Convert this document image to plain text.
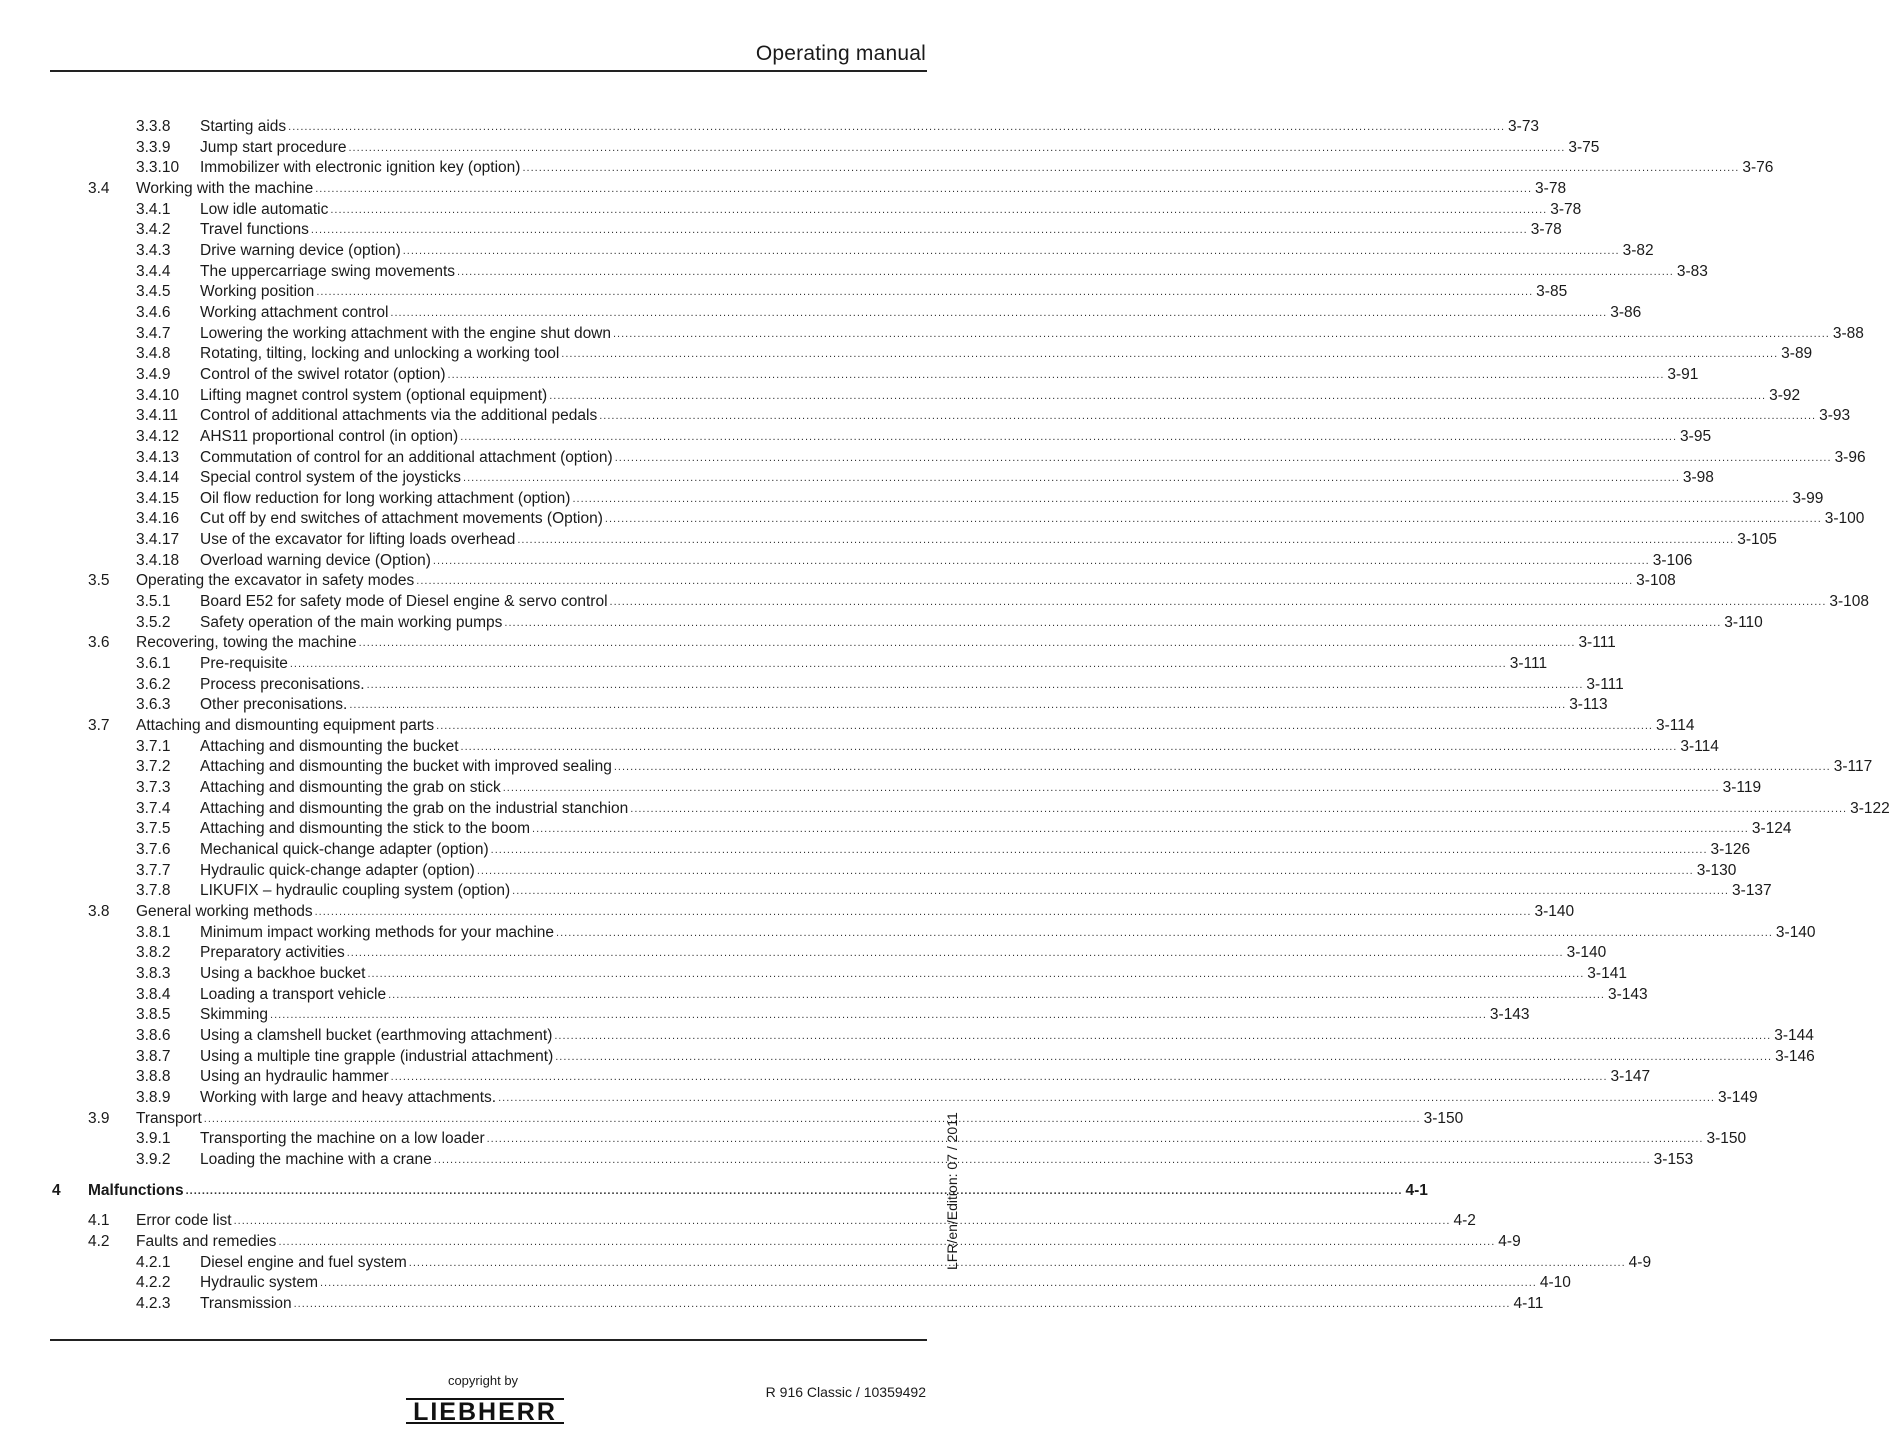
Operating manual
3.3.8 Starting aids ............................................................................................................................................................................................................................................................................................................ 3-73
3.3.9 Jump start procedure ............................................................................................................................................................................................................................................................................................................ 3-75
3.3.10 Immobilizer with electronic ignition key (option) ............................................................................................................................................................................................................................................................................................................ 3-76
3.4 Working with the machine ............................................................................................................................................................................................................................................................................................................ 3-78
3.4.1 Low idle automatic ............................................................................................................................................................................................................................................................................................................ 3-78
3.4.2 Travel functions ............................................................................................................................................................................................................................................................................................................ 3-78
3.4.3 Drive warning device (option) ............................................................................................................................................................................................................................................................................................................ 3-82
3.4.4 The uppercarriage swing movements ............................................................................................................................................................................................................................................................................................................ 3-83
3.4.5 Working position ............................................................................................................................................................................................................................................................................................................ 3-85
3.4.6 Working attachment control ............................................................................................................................................................................................................................................................................................................ 3-86
3.4.7 Lowering the working attachment with the engine shut down ............................................................................................................................................................................................................................................................................................................ 3-88
3.4.8 Rotating, tilting, locking and unlocking a working tool ............................................................................................................................................................................................................................................................................................................ 3-89
3.4.9 Control of the swivel rotator (option) ............................................................................................................................................................................................................................................................................................................ 3-91
3.4.10 Lifting magnet control system (optional equipment) ............................................................................................................................................................................................................................................................................................................ 3-92
3.4.11 Control of additional attachments via the additional pedals ............................................................................................................................................................................................................................................................................................................ 3-93
3.4.12 AHS11 proportional control (in option) ............................................................................................................................................................................................................................................................................................................ 3-95
3.4.13 Commutation of control for an additional attachment (option) ............................................................................................................................................................................................................................................................................................................ 3-96
3.4.14 Special control system of the joysticks ............................................................................................................................................................................................................................................................................................................ 3-98
3.4.15 Oil flow reduction for long working attachment (option) ............................................................................................................................................................................................................................................................................................................ 3-99
3.4.16 Cut off by end switches of attachment movements (Option) ............................................................................................................................................................................................................................................................................................................ 3-100
3.4.17 Use of the excavator for lifting loads overhead ............................................................................................................................................................................................................................................................................................................ 3-105
3.4.18 Overload warning device (Option) ............................................................................................................................................................................................................................................................................................................ 3-106
3.5 Operating the excavator in safety modes ............................................................................................................................................................................................................................................................................................................ 3-108
3.5.1 Board E52 for safety mode of Diesel engine & servo control ............................................................................................................................................................................................................................................................................................................ 3-108
3.5.2 Safety operation of the main working pumps ............................................................................................................................................................................................................................................................................................................ 3-110
3.6 Recovering, towing the machine ............................................................................................................................................................................................................................................................................................................ 3-111
3.6.1 Pre-requisite ............................................................................................................................................................................................................................................................................................................ 3-111
3.6.2 Process preconisations. ............................................................................................................................................................................................................................................................................................................ 3-111
3.6.3 Other preconisations. ............................................................................................................................................................................................................................................................................................................ 3-113
3.7 Attaching and dismounting equipment parts ............................................................................................................................................................................................................................................................................................................ 3-114
3.7.1 Attaching and dismounting the bucket ............................................................................................................................................................................................................................................................................................................ 3-114
3.7.2 Attaching and dismounting the bucket with improved sealing ............................................................................................................................................................................................................................................................................................................ 3-117
3.7.3 Attaching and dismounting the grab on stick ............................................................................................................................................................................................................................................................................................................ 3-119
3.7.4 Attaching and dismounting the grab on the industrial stanchion ............................................................................................................................................................................................................................................................................................................ 3-122
3.7.5 Attaching and dismounting the stick to the boom ............................................................................................................................................................................................................................................................................................................ 3-124
3.7.6 Mechanical quick-change adapter (option) ............................................................................................................................................................................................................................................................................................................ 3-126
3.7.7 Hydraulic quick-change adapter (option) ............................................................................................................................................................................................................................................................................................................ 3-130
3.7.8 LIKUFIX – hydraulic coupling system (option) ............................................................................................................................................................................................................................................................................................................ 3-137
3.8 General working methods ............................................................................................................................................................................................................................................................................................................ 3-140
3.8.1 Minimum impact working methods for your machine ............................................................................................................................................................................................................................................................................................................ 3-140
3.8.2 Preparatory activities ............................................................................................................................................................................................................................................................................................................ 3-140
3.8.3 Using a backhoe bucket ............................................................................................................................................................................................................................................................................................................ 3-141
3.8.4 Loading a transport vehicle ............................................................................................................................................................................................................................................................................................................ 3-143
3.8.5 Skimming ............................................................................................................................................................................................................................................................................................................ 3-143
3.8.6 Using a clamshell bucket (earthmoving attachment) ............................................................................................................................................................................................................................................................................................................ 3-144
3.8.7 Using a multiple tine grapple (industrial attachment) ............................................................................................................................................................................................................................................................................................................ 3-146
3.8.8 Using an hydraulic hammer ............................................................................................................................................................................................................................................................................................................ 3-147
3.8.9 Working with large and heavy attachments. ............................................................................................................................................................................................................................................................................................................ 3-149
3.9 Transport ............................................................................................................................................................................................................................................................................................................ 3-150
3.9.1 Transporting the machine on a low loader ............................................................................................................................................................................................................................................................................................................ 3-150
3.9.2 Loading the machine with a crane ............................................................................................................................................................................................................................................................................................................ 3-153
4 Malfunctions ............................................................................................................................................................................................................................................................................................................ 4-1
4.1 Error code list ............................................................................................................................................................................................................................................................................................................ 4-2
4.2 Faults and remedies ............................................................................................................................................................................................................................................................................................................ 4-9
4.2.1 Diesel engine and fuel system ............................................................................................................................................................................................................................................................................................................ 4-9
4.2.2 Hydraulic system ............................................................................................................................................................................................................................................................................................................ 4-10
4.2.3 Transmission ............................................................................................................................................................................................................................................................................................................ 4-11
LFR/en/Edition: 07 / 2011
copyright by
LIEBHERR
R 916 Classic / 10359492
